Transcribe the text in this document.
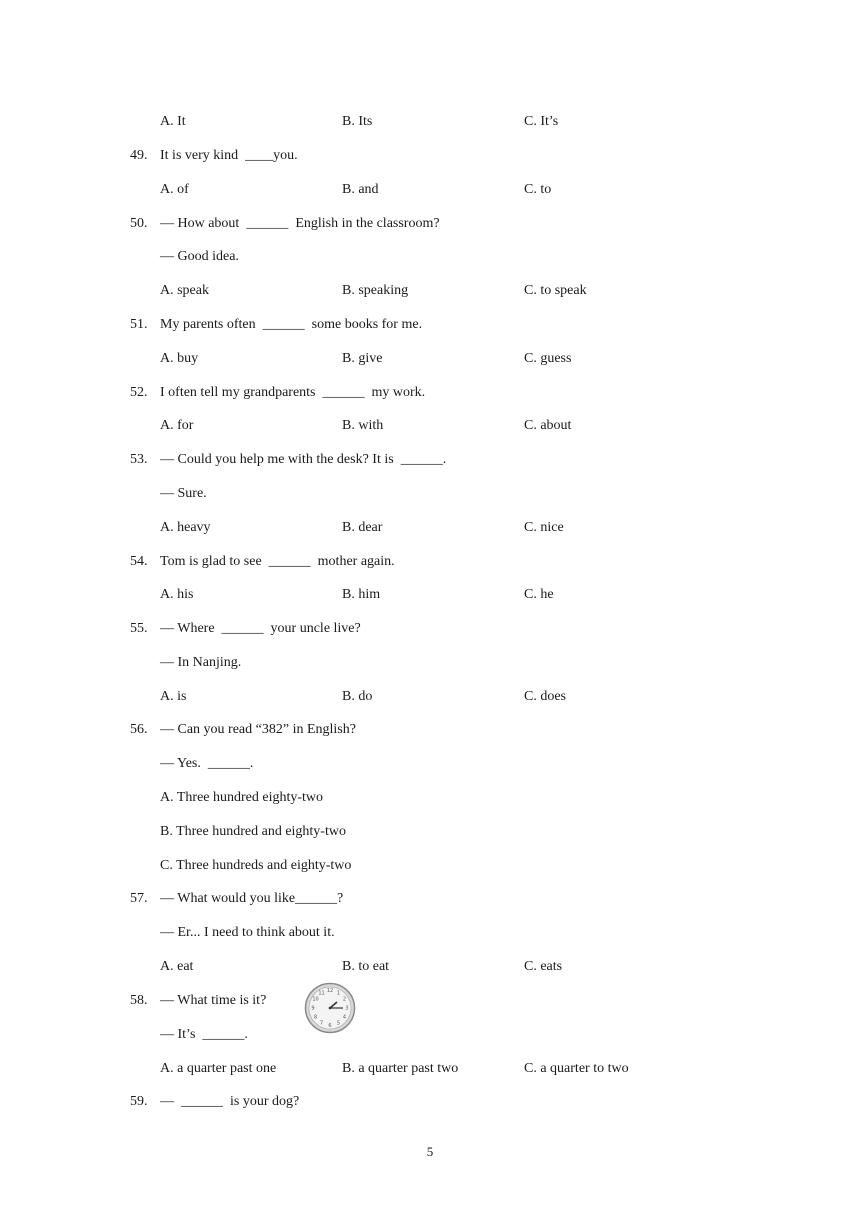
A. It	B. Its	C. It’s
49. It is very kind  ____you.
A. of	B. and	C. to
50. — How about  ______  English in the classroom?
— Good idea.
A. speak	B. speaking	C. to speak
51. My parents often  ______  some books for me.
A. buy	B. give	C. guess
52. I often tell my grandparents  ______  my work.
A. for	B. with	C. about
53. — Could you help me with the desk? It is  ______.
— Sure.
A. heavy	B. dear	C. nice
54. Tom is glad to see  ______  mother again.
A. his	B. him	C. he
55. — Where  ______  your uncle live?
— In Nanjing.
A. is	B. do	C. does
56. — Can you read “382” in English?
— Yes.  ______.
A. Three hundred eighty-two
B. Three hundred and eighty-two
C. Three hundreds and eighty-two
57. — What would you like______?
— Er... I need to think about it.
A. eat	B. to eat	C. eats
58. — What time is it?
— It’s  ______.
12 1
2
3
4
5
6
7
8
9
10
11
A. a quarter past one	B. a quarter past two	C. a quarter to two
59. —  ______  is your dog?
5
